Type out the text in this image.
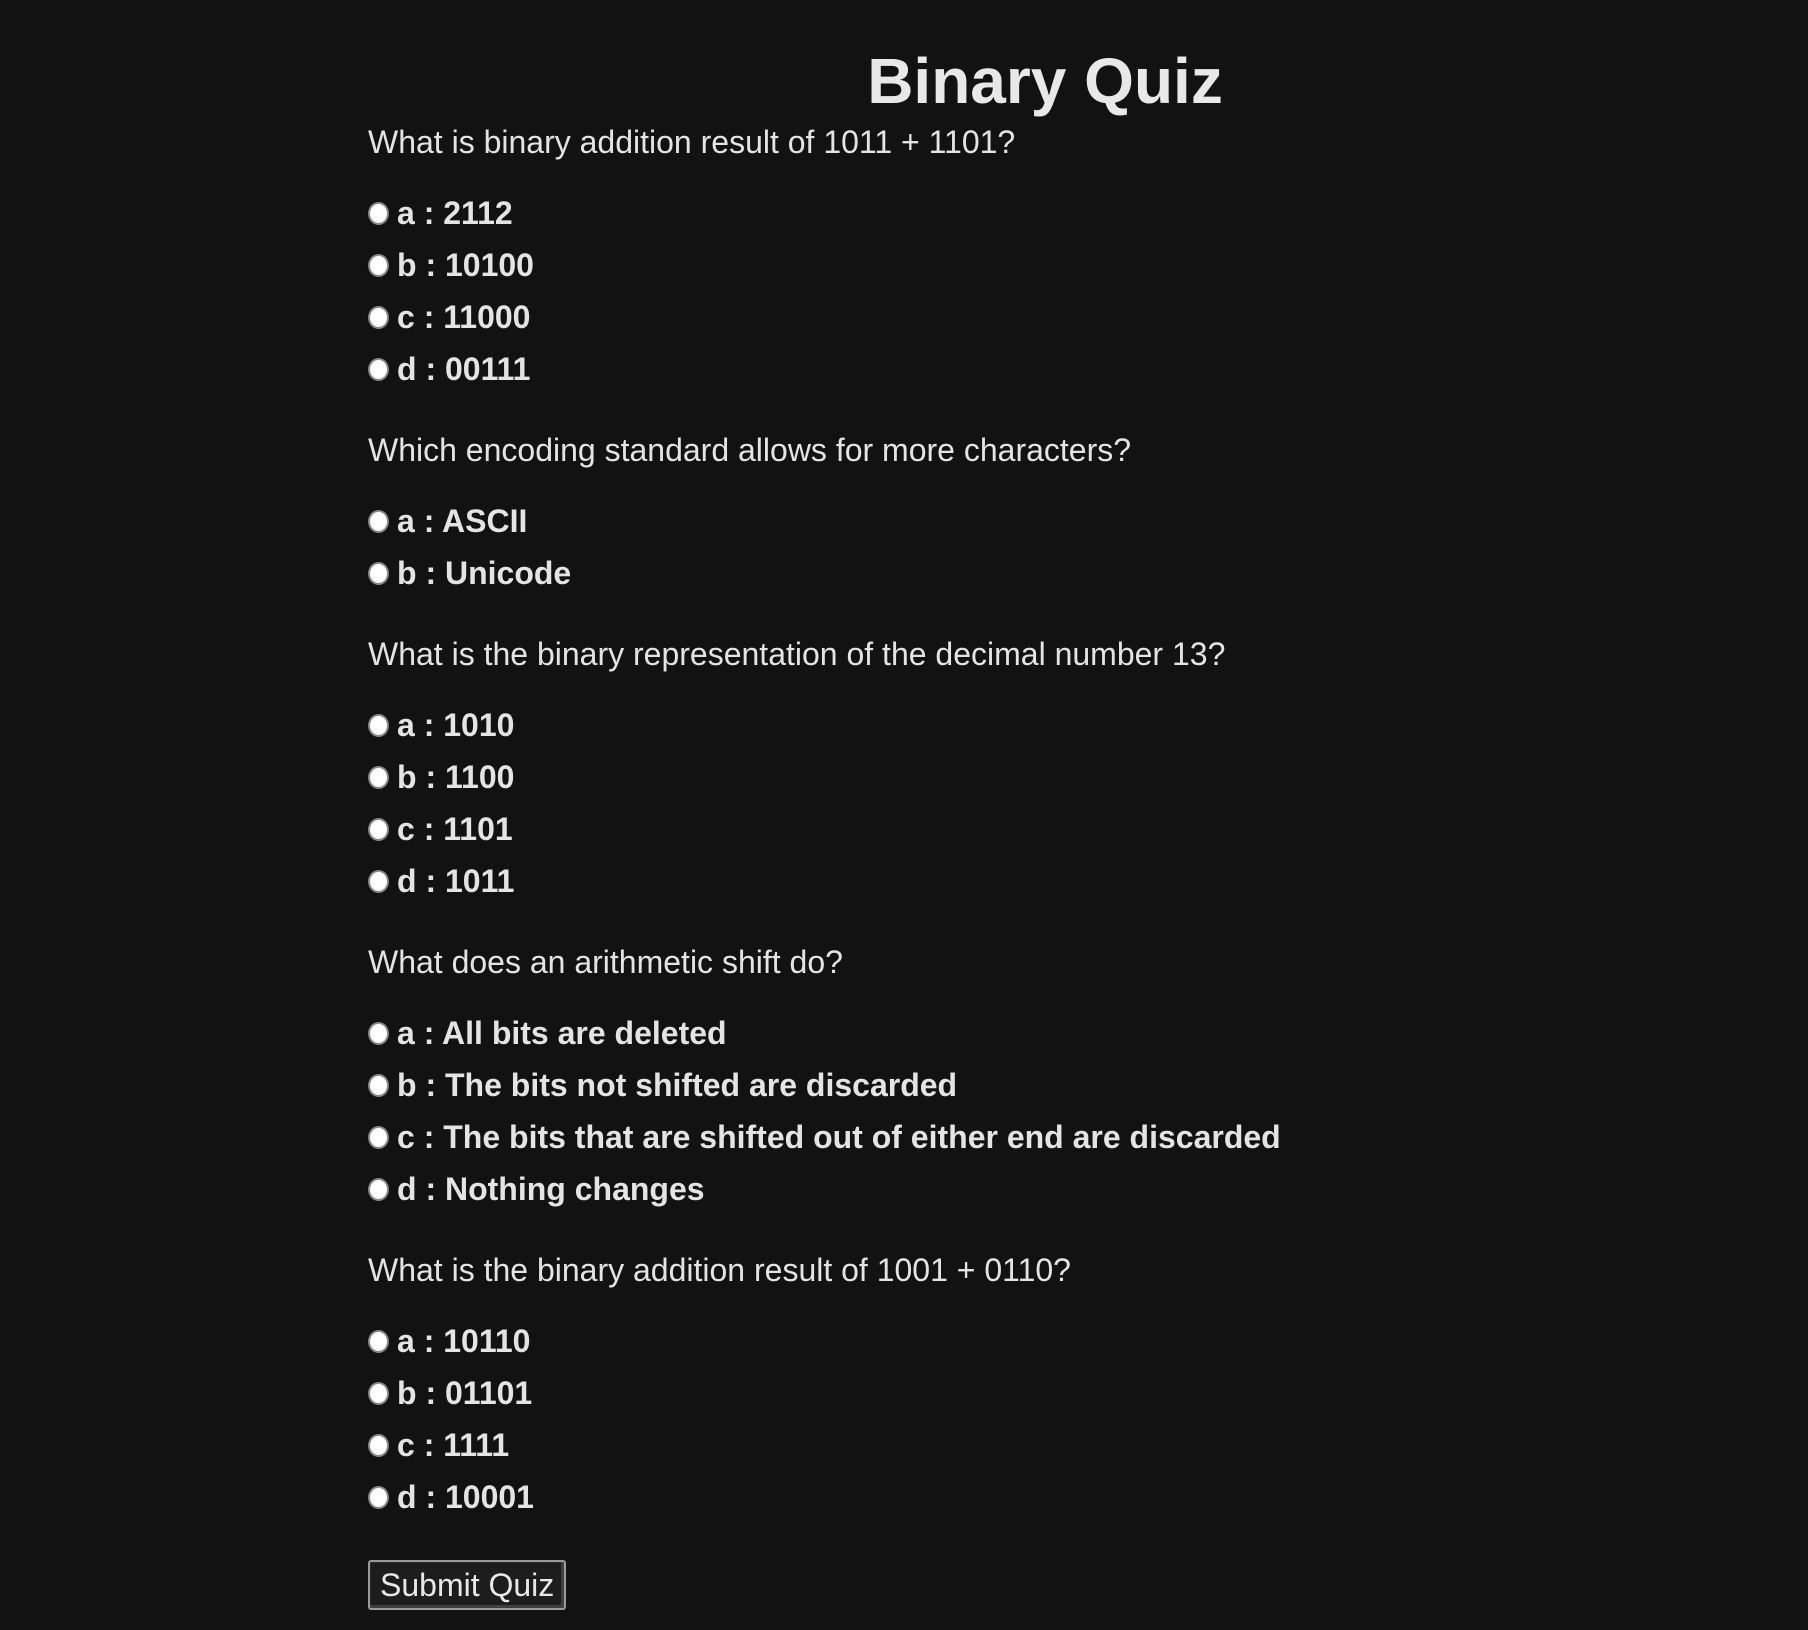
Binary Quiz

What is binary addition result of 1011 + 1101?

a : 2112
b : 10100
c : 11000
d : 00111

Which encoding standard allows for more characters?

a : ASCII
b : Unicode

What is the binary representation of the decimal number 13?

a : 1010
b : 1100
c : 1101
d : 1011

What does an arithmetic shift do?

a : All bits are deleted
b : The bits not shifted are discarded
c : The bits that are shifted out of either end are discarded
d : Nothing changes

What is the binary addition result of 1001 + 0110?

a : 10110
b : 01101
c : 1111
d : 10001
Submit Quiz
